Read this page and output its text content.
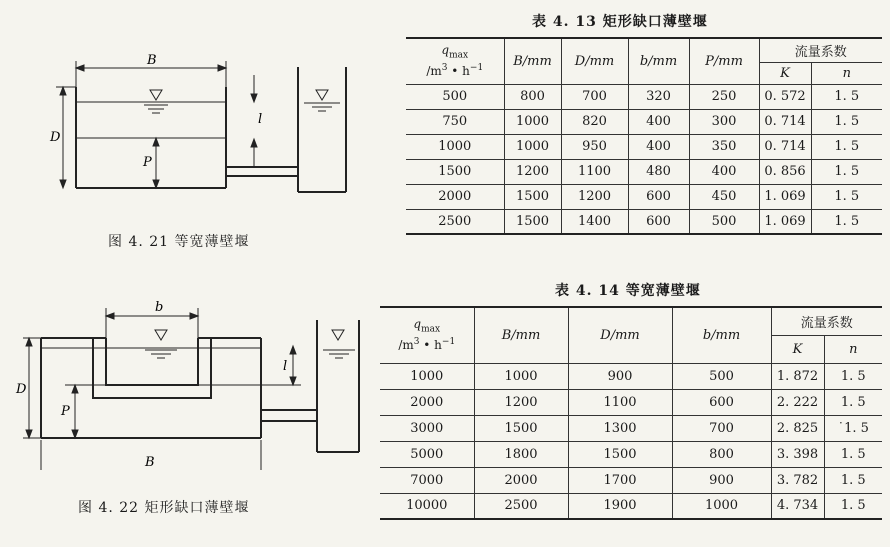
B
D
P
l
图 4. 21 等宽薄壁堰
b
D
P
l
B
图 4. 22 矩形缺口薄壁堰
表 4. 13 矩形缺口薄壁堰
$q_{max}$
$/m^3$ • $h^{-1}$	B/mm	D/mm	b/mm	P/mm	流量系数	
					K	n
500	800	700	320	250	0. 572	1. 5
750	1000	820	400	300	0. 714	1. 5
1000	1000	950	400	350	0. 714	1. 5
1500	1200	1100	480	400	0. 856	1. 5
2000	1500	1200	600	450	1. 069	1. 5
2500	1500	1400	600	500	1. 069	1. 5
表 4. 14 等宽薄壁堰
$q_{max}$
$/m^3$ • $h^{-1}$	B/mm	D/mm	b/mm	流量系数	
				K	n
1000	1000	900	500	1. 872	1. 5
2000	1200	1100	600	2. 222	1. 5
3000	1500	1300	700	2. 825	˙1. 5
5000	1800	1500	800	3. 398	1. 5
7000	2000	1700	900	3. 782	1. 5
10000	2500	1900	1000	4. 734	1. 5
